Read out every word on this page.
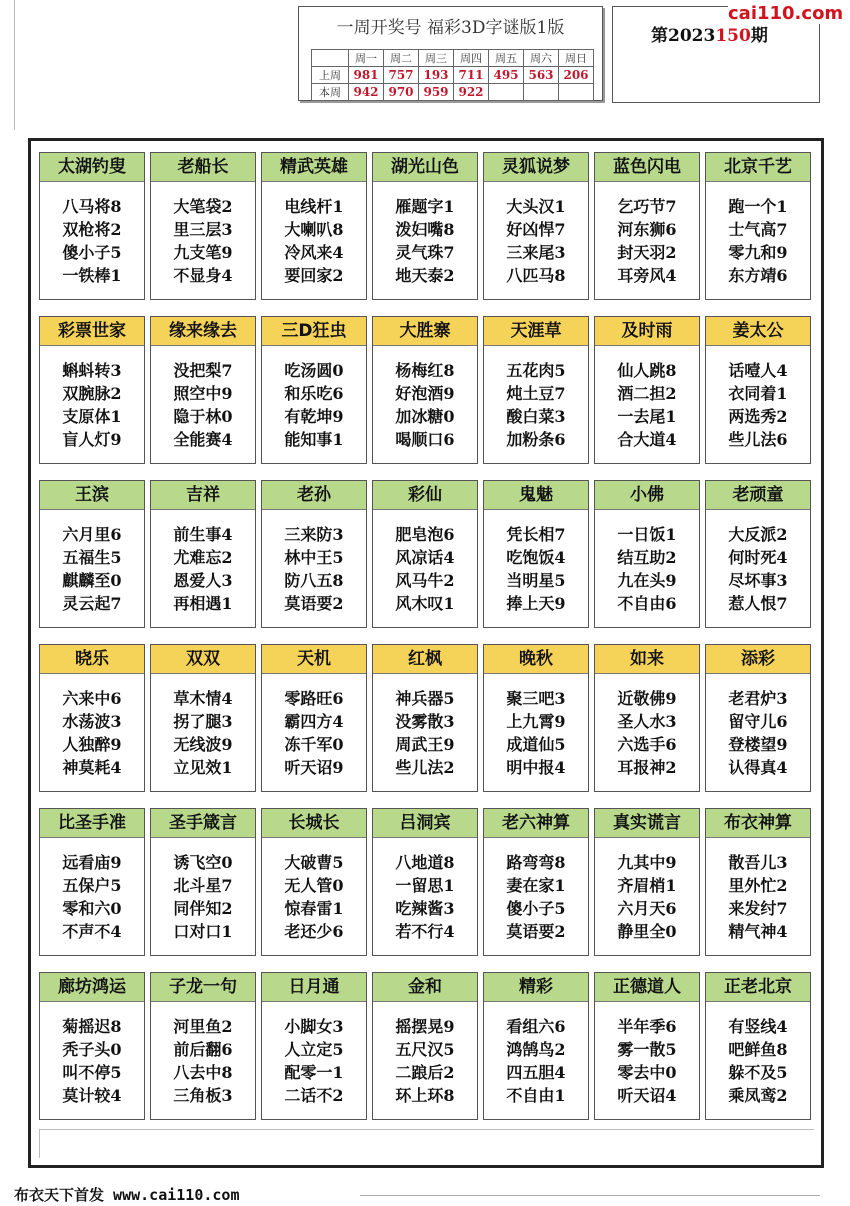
一周开奖号 福彩3D字谜版1版
	周一	周二	周三	周四	周五	周六	周日
上周	981	757	193	711	495	563	206
本周	942	970	959	922			
第2023150期
cai110.com
太湖钓叟
八马将8
双枪将2
傻小子5
一铁棒1
老船长
大笔袋2
里三层3
九支笔9
不显身4
精武英雄
电线杆1
大喇叭8
冷风来4
要回家2
湖光山色
雁题字1
泼妇嘴8
灵气珠7
地天泰2
灵狐说梦
大头汉1
好凶悍7
三来尾3
八匹马8
蓝色闪电
乞巧节7
河东狮6
封天羽2
耳旁风4
北京千艺
跑一个1
士气高7
零九和9
东方靖6
彩票世家
蝌蚪转3
双腕脉2
支原体1
盲人灯9
缘来缘去
没把梨7
照空中9
隐于林0
全能赛4
三D狂虫
吃汤圆0
和乐吃6
有乾坤9
能知事1
大胜寨
杨梅红8
好泡酒9
加冰糖0
喝顺口6
天涯草
五花肉5
炖土豆7
酸白菜3
加粉条6
及时雨
仙人跳8
酒二担2
一去尾1
合大道4
姜太公
话噎人4
衣同着1
两选秀2
些儿法6
王滨
六月里6
五福生5
麒麟至0
灵云起7
吉祥
前生事4
尤难忘2
恩爱人3
再相遇1
老孙
三来防3
林中王5
防八五8
莫语要2
彩仙
肥皂泡6
风凉话4
风马牛2
风木叹1
鬼魅
凭长相7
吃饱饭4
当明星5
捧上天9
小佛
一日饭1
结互助2
九在头9
不自由6
老顽童
大反派2
何时死4
尽坏事3
惹人恨7
晓乐
六来中6
水荡波3
人独醉9
神莫耗4
双双
草木情4
拐了腿3
无线波9
立见效1
天机
零路旺6
霸四方4
冻千军0
听天诏9
红枫
神兵器5
没雾散3
周武王9
些儿法2
晚秋
聚三吧3
上九霄9
成道仙5
明中报4
如来
近敬佛9
圣人水3
六选手6
耳报神2
添彩
老君炉3
留守儿6
登楼望9
认得真4
比圣手准
远看庙9
五保户5
零和六0
不声不4
圣手箴言
诱飞空0
北斗星7
同伴知2
口对口1
长城长
大破曹5
无人管0
惊春雷1
老还少6
吕洞宾
八地道8
一留思1
吃辣酱3
若不行4
老六神算
路弯弯8
妻在家1
傻小子5
莫语要2
真实谎言
九其中9
齐眉梢1
六月天6
静里全0
布衣神算
散吾儿3
里外忙2
来发纣7
精气神4
廊坊鸿运
菊摇迟8
秃子头0
叫不停5
莫计较4
子龙一句
河里鱼2
前后翻6
八去中8
三角板3
日月通
小脚女3
人立定5
配零一1
二话不2
金和
摇摆晃9
五尺汉5
二踉后2
环上环8
精彩
看组六6
鸿鹄鸟2
四五胆4
不自由1
正德道人
半年季6
雾一散5
零去中0
听天诏4
正老北京
有竖线4
吧鲜鱼8
躲不及5
乘凤鸾2
布衣天下首发 www.cai110.com
